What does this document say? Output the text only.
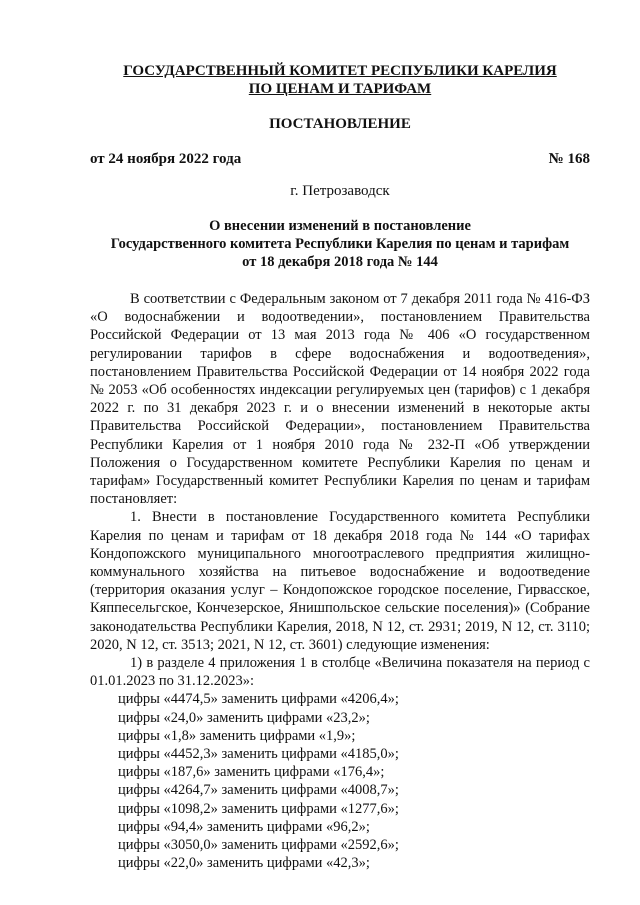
ГОСУДАРСТВЕННЫЙ КОМИТЕТ РЕСПУБЛИКИ КАРЕЛИЯ
ПО ЦЕНАМ И ТАРИФАМ
ПОСТАНОВЛЕНИЕ
от 24 ноября 2022 года	№ 168
г. Петрозаводск
О внесении изменений в постановление
Государственного комитета Республики Карелия по ценам и тарифам
от 18 декабря 2018 года № 144

В соответствии с Федеральным законом от 7 декабря 2011 года № 416-ФЗ «О водоснабжении и водоотведении», постановлением Правительства Российской Федерации от 13 мая 2013 года № 406 «О государственном регулировании тарифов в сфере водоснабжения и водоотведения», постановлением Правительства Российской Федерации от 14 ноября 2022 года № 2053 «Об особенностях индексации регулируемых цен (тарифов) с 1 декабря 2022 г. по 31 декабря 2023 г. и о внесении изменений в некоторые акты Правительства Российской Федерации», постановлением Правительства Республики Карелия от 1 ноября 2010 года № 232-П «Об утверждении Положения о Государственном комитете Республики Карелия по ценам и тарифам» Государственный комитет Республики Карелия по ценам и тарифам постановляет:

1. Внести в постановление Государственного комитета Республики Карелия по ценам и тарифам от 18 декабря 2018 года № 144 «О тарифах Кондопожского муниципального многоотраслевого предприятия жилищно-коммунального хозяйства на питьевое водоснабжение и водоотведение (территория оказания услуг – Кондопожское городское поселение, Гирвасское, Кяппесельгское, Кончезерское, Янишпольское сельские поселения)» (Собрание законодательства Республики Карелия, 2018, N 12, ст. 2931; 2019, N 12, ст. 3110; 2020, N 12, ст. 3513; 2021, N 12, ст. 3601) следующие изменения:

1) в разделе 4 приложения 1 в столбце «Величина показателя на период с 01.01.2023 по 31.12.2023»:

цифры «4474,5» заменить цифрами «4206,4»;
цифры «24,0» заменить цифрами «23,2»;
цифры «1,8» заменить цифрами «1,9»;
цифры «4452,3» заменить цифрами «4185,0»;
цифры «187,6» заменить цифрами «176,4»;
цифры «4264,7» заменить цифрами «4008,7»;
цифры «1098,2» заменить цифрами «1277,6»;
цифры «94,4» заменить цифрами «96,2»;
цифры «3050,0» заменить цифрами «2592,6»;
цифры «22,0» заменить цифрами «42,3»;
